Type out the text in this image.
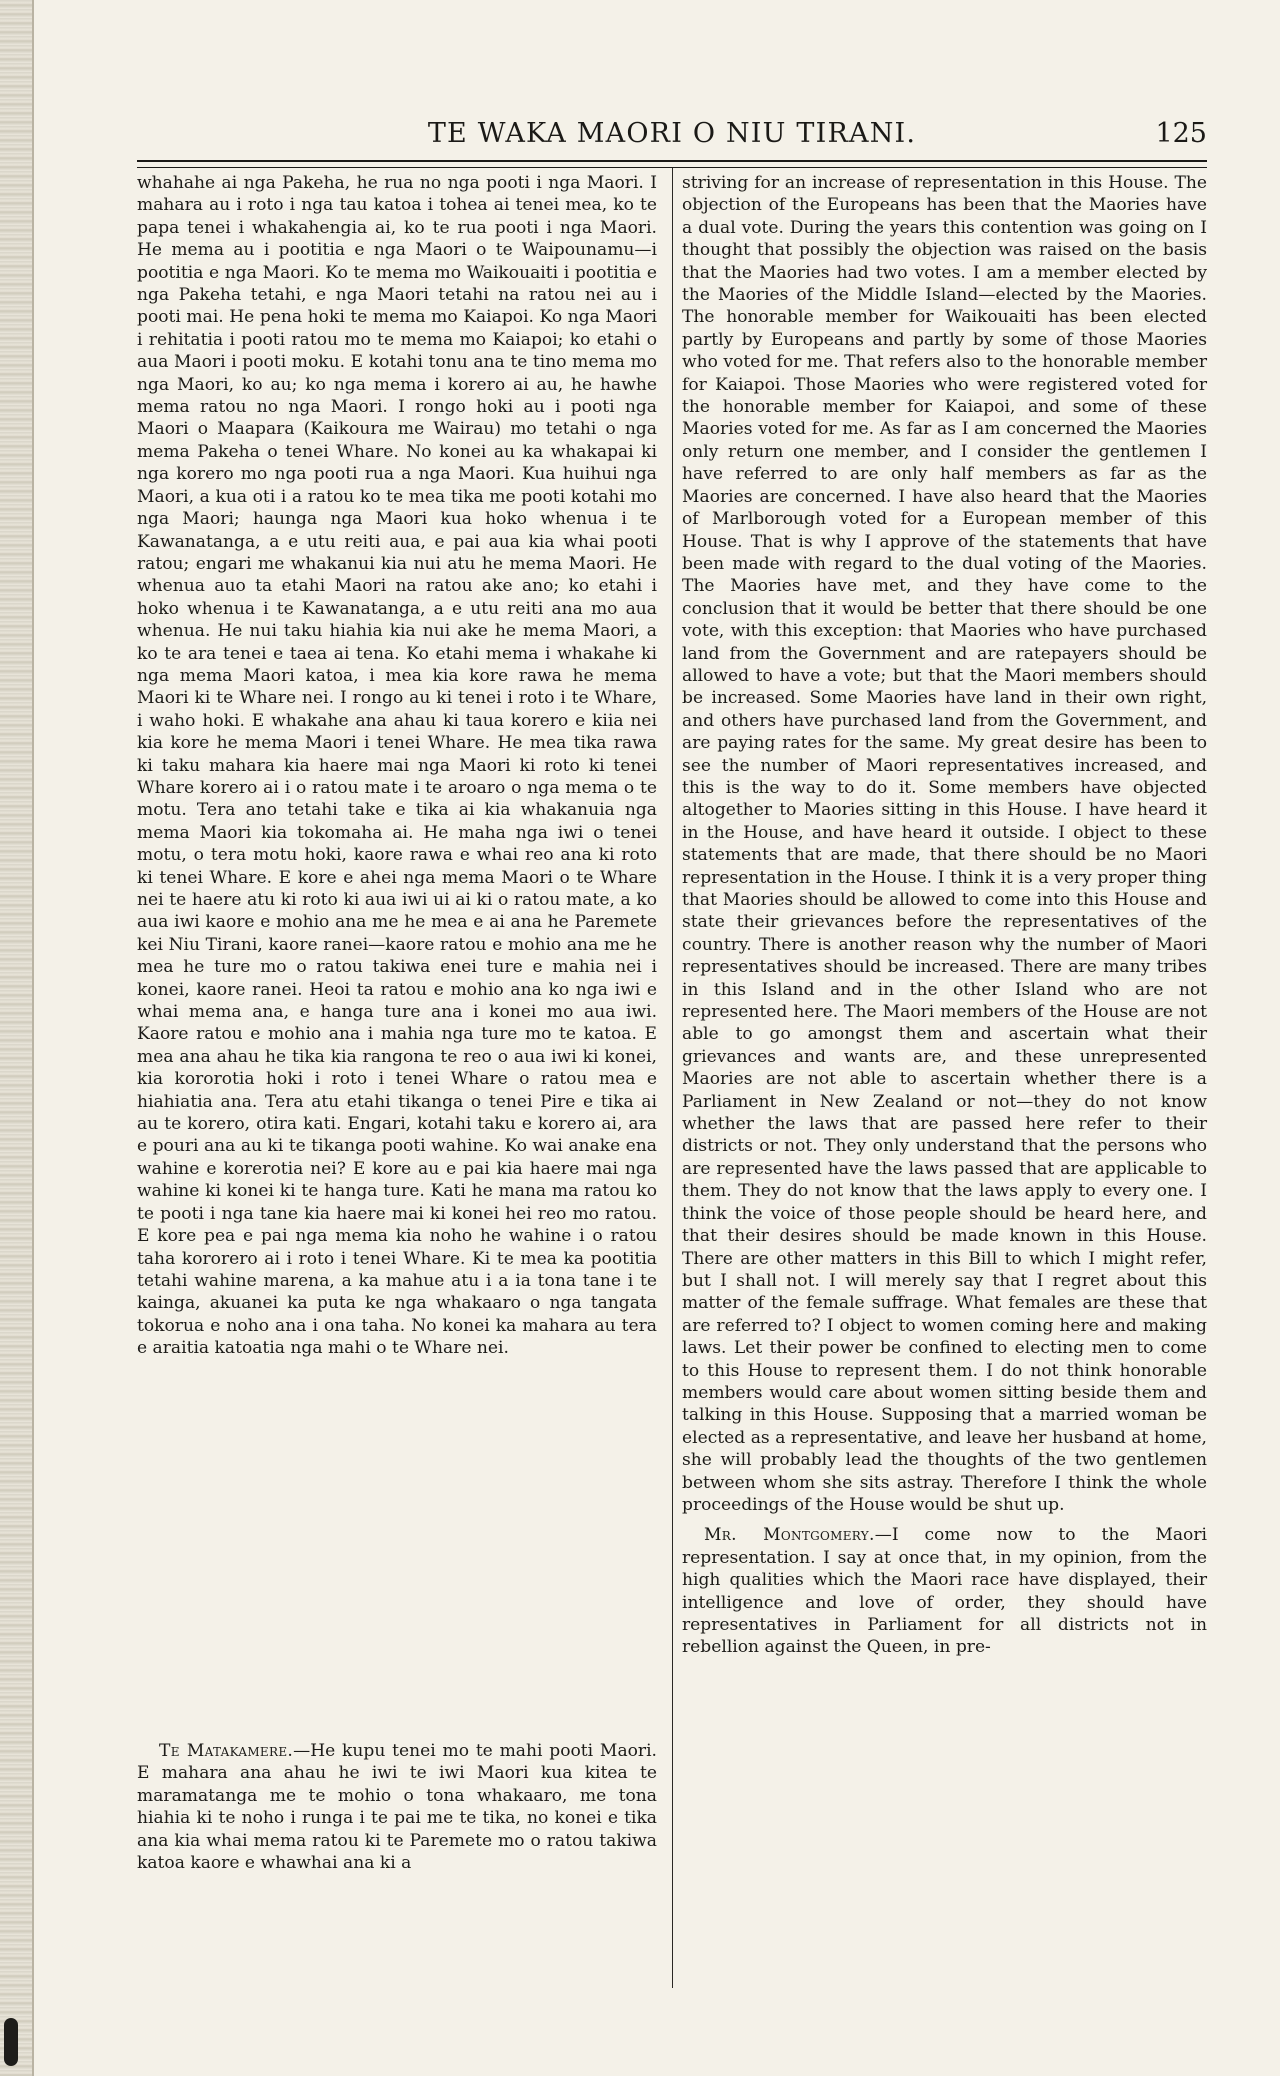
TE WAKA MAORI O NIU TIRANI.	125

whahahe ai nga Pakeha, he rua no nga pooti i nga Maori. I mahara au i roto i nga tau katoa i tohea ai tenei mea, ko te papa tenei i whakahengia ai, ko te rua pooti i nga Maori. He mema au i pootitia e nga Maori o te Waipounamu—i pootitia e nga Maori. Ko te mema mo Waikouaiti i pootitia e nga Pakeha tetahi, e nga Maori tetahi na ratou nei au i pooti mai. He pena hoki te mema mo Kaiapoi. Ko nga Maori i rehitatia i pooti ratou mo te mema mo Kaiapoi; ko etahi o aua Maori i pooti moku. E kotahi tonu ana te tino mema mo nga Maori, ko au; ko nga mema i korero ai au, he hawhe mema ratou no nga Maori. I rongo hoki au i pooti nga Maori o Maapara (Kaikoura me Wairau) mo tetahi o nga mema Pakeha o tenei Whare. No konei au ka whakapai ki nga korero mo nga pooti rua a nga Maori. Kua huihui nga Maori, a kua oti i a ratou ko te mea tika me pooti kotahi mo nga Maori; haunga nga Maori kua hoko whenua i te Kawanatanga, a e utu reiti aua, e pai aua kia whai pooti ratou; engari me whakanui kia nui atu he mema Maori. He whenua auo ta etahi Maori na ratou ake ano; ko etahi i hoko whenua i te Kawanatanga, a e utu reiti ana mo aua whenua. He nui taku hiahia kia nui ake he mema Maori, a ko te ara tenei e taea ai tena. Ko etahi mema i whakahe ki nga mema Maori katoa, i mea kia kore rawa he mema Maori ki te Whare nei. I rongo au ki tenei i roto i te Whare, i waho hoki. E whakahe ana ahau ki taua korero e kiia nei kia kore he mema Maori i tenei Whare. He mea tika rawa ki taku mahara kia haere mai nga Maori ki roto ki tenei Whare korero ai i o ratou mate i te aroaro o nga mema o te motu. Tera ano tetahi take e tika ai kia whakanuia nga mema Maori kia tokomaha ai. He maha nga iwi o tenei motu, o tera motu hoki, kaore rawa e whai reo ana ki roto ki tenei Whare. E kore e ahei nga mema Maori o te Whare nei te haere atu ki roto ki aua iwi ui ai ki o ratou mate, a ko aua iwi kaore e mohio ana me he mea e ai ana he Paremete kei Niu Tirani, kaore ranei—kaore ratou e mohio ana me he mea he ture mo o ratou takiwa enei ture e mahia nei i konei, kaore ranei. Heoi ta ratou e mohio ana ko nga iwi e whai mema ana, e hanga ture ana i konei mo aua iwi. Kaore ratou e mohio ana i mahia nga ture mo te katoa. E mea ana ahau he tika kia rangona te reo o aua iwi ki konei, kia kororotia hoki i roto i tenei Whare o ratou mea e hiahiatia ana. Tera atu etahi tikanga o tenei Pire e tika ai au te korero, otira kati. Engari, kotahi taku e korero ai, ara e pouri ana au ki te tikanga pooti wahine. Ko wai anake ena wahine e korerotia nei? E kore au e pai kia haere mai nga wahine ki konei ki te hanga ture. Kati he mana ma ratou ko te pooti i nga tane kia haere mai ki konei hei reo mo ratou. E kore pea e pai nga mema kia noho he wahine i o ratou taha kororero ai i roto i tenei Whare. Ki te mea ka pootitia tetahi wahine marena, a ka mahue atu i a ia tona tane i te kainga, akuanei ka puta ke nga whakaaro o nga tangata tokorua e noho ana i ona taha. No konei ka mahara au tera e araitia katoatia nga mahi o te Whare nei.

Te Matakamere.—He kupu tenei mo te mahi pooti Maori. E mahara ana ahau he iwi te iwi Maori kua kitea te maramatanga me te mohio o tona whakaaro, me tona hiahia ki te noho i runga i te pai me te tika, no konei e tika ana kia whai mema ratou ki te Paremete mo o ratou takiwa katoa kaore e whawhai ana ki a

striving for an increase of representation in this House. The objection of the Europeans has been that the Maories have a dual vote. During the years this contention was going on I thought that possibly the objection was raised on the basis that the Maories had two votes. I am a member elected by the Maories of the Middle Island—elected by the Maories. The honorable member for Waikouaiti has been elected partly by Europeans and partly by some of those Maories who voted for me. That refers also to the honorable member for Kaiapoi. Those Maories who were registered voted for the honorable member for Kaiapoi, and some of these Maories voted for me. As far as I am concerned the Maories only return one member, and I consider the gentlemen I have referred to are only half members as far as the Maories are concerned. I have also heard that the Maories of Marlborough voted for a European member of this House. That is why I approve of the statements that have been made with regard to the dual voting of the Maories. The Maories have met, and they have come to the conclusion that it would be better that there should be one vote, with this exception: that Maories who have purchased land from the Government and are ratepayers should be allowed to have a vote; but that the Maori members should be increased. Some Maories have land in their own right, and others have purchased land from the Government, and are paying rates for the same. My great desire has been to see the number of Maori representatives increased, and this is the way to do it. Some members have objected altogether to Maories sitting in this House. I have heard it in the House, and have heard it outside. I object to these statements that are made, that there should be no Maori representation in the House. I think it is a very proper thing that Maories should be allowed to come into this House and state their grievances before the representatives of the country. There is another reason why the number of Maori representatives should be increased. There are many tribes in this Island and in the other Island who are not represented here. The Maori members of the House are not able to go amongst them and ascertain what their grievances and wants are, and these unrepresented Maories are not able to ascertain whether there is a Parliament in New Zealand or not—they do not know whether the laws that are passed here refer to their districts or not. They only understand that the persons who are represented have the laws passed that are applicable to them. They do not know that the laws apply to every one. I think the voice of those people should be heard here, and that their desires should be made known in this House. There are other matters in this Bill to which I might refer, but I shall not. I will merely say that I regret about this matter of the female suffrage. What females are these that are referred to? I object to women coming here and making laws. Let their power be confined to electing men to come to this House to represent them. I do not think honorable members would care about women sitting beside them and talking in this House. Supposing that a married woman be elected as a representative, and leave her husband at home, she will probably lead the thoughts of the two gentlemen between whom she sits astray. Therefore I think the whole proceedings of the House would be shut up.

Mr. Montgomery.—I come now to the Maori representation. I say at once that, in my opinion, from the high qualities which the Maori race have displayed, their intelligence and love of order, they should have representatives in Parliament for all districts not in rebellion against the Queen, in pre-
